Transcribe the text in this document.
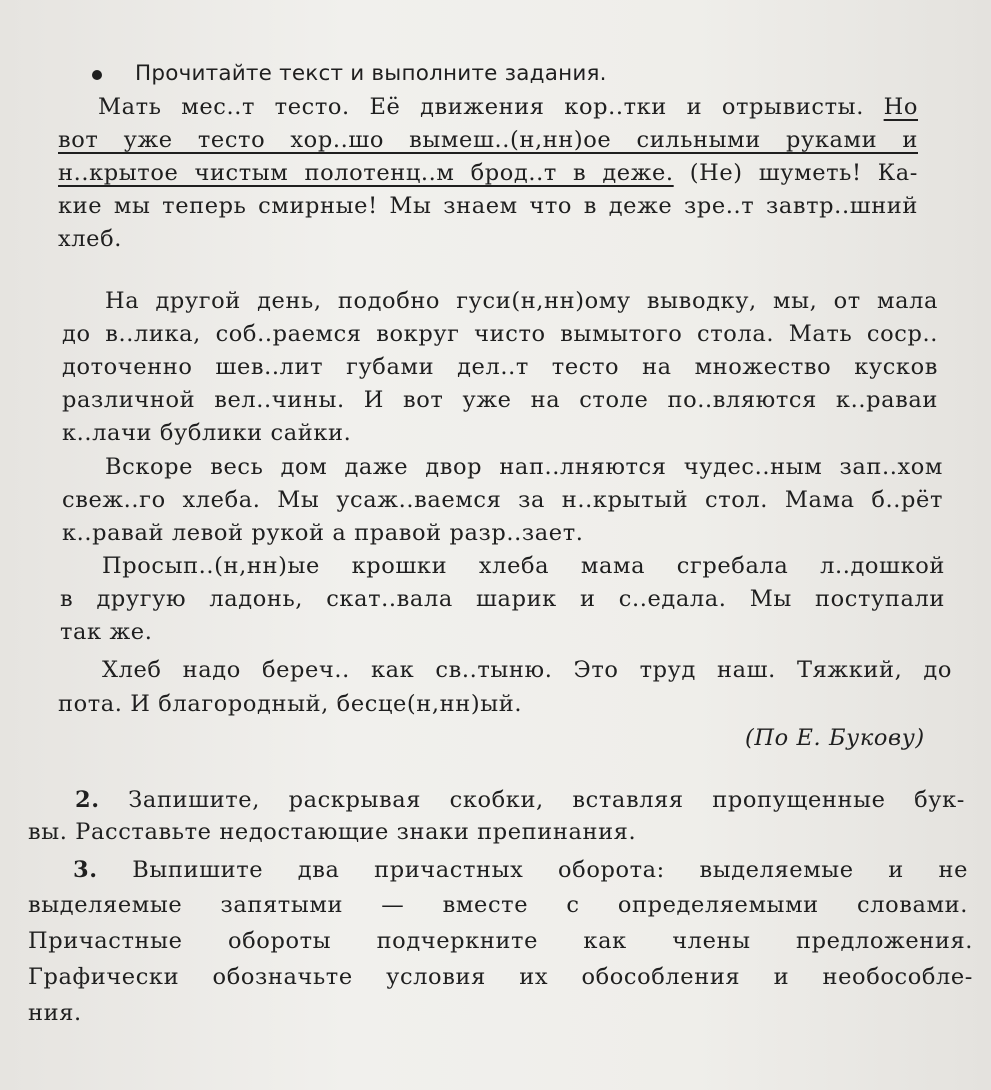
Прочитайте текст и выполните задания.
Мать мес..т тесто. Её движения кор..тки и отрывисты. Но
вот уже тесто хор..шо вымеш..(н,нн)ое сильными руками и
н..крытое чистым полотенц..м брод..т в деже. (Не) шуметь! Ка-
кие мы теперь смирные! Мы знаем что в деже зре..т завтр..шний
хлеб.
На другой день, подобно гуси(н,нн)ому выводку, мы, от мала
до в..лика, соб..раемся вокруг чисто вымытого стола. Мать соср..
доточенно шев..лит губами дел..т тесто на множество кусков
различной вел..чины. И вот уже на столе по..вляются к..раваи
к..лачи бублики сайки.
Вскоре весь дом даже двор нап..лняются чудес..ным зап..хом
свеж..го хлеба. Мы усаж..ваемся за н..крытый стол. Мама б..рёт
к..равай левой рукой а правой разр..зает.
Просып..(н,нн)ые крошки хлеба мама сгребала л..дошкой
в другую ладонь, скат..вала шарик и с..едала. Мы поступали
так же.
Хлеб надо береч.. как св..тыню. Это труд наш. Тяжкий, до
пота. И благородный, бесце(н,нн)ый.
(По Е. Букову)
2. Запишите, раскрывая скобки, вставляя пропущенные бук-
вы. Расставьте недостающие знаки препинания.
3. Выпишите два причастных оборота: выделяемые и не
выделяемые запятыми — вместе с определяемыми словами.
Причастные обороты подчеркните как члены предложения.
Графически обозначьте условия их обособления и необособле-
ния.
